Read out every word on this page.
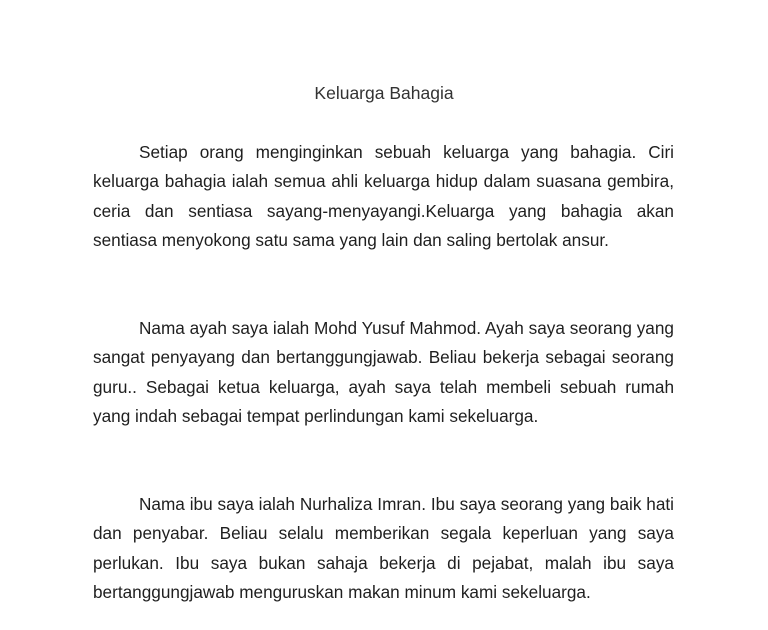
Keluarga Bahagia

Setiap orang menginginkan sebuah keluarga yang bahagia. Ciri keluarga bahagia ialah semua ahli keluarga hidup dalam suasana gembira, ceria dan sentiasa sayang-menyayangi.Keluarga yang bahagia akan sentiasa menyokong satu sama yang lain dan saling bertolak ansur.

Nama ayah saya ialah Mohd Yusuf Mahmod. Ayah saya seorang yang sangat penyayang dan bertanggungjawab. Beliau bekerja sebagai seorang guru.. Sebagai ketua keluarga, ayah saya telah membeli sebuah rumah yang indah sebagai tempat perlindungan kami sekeluarga.

Nama ibu saya ialah Nurhaliza Imran. Ibu saya seorang yang baik hati dan penyabar. Beliau selalu memberikan segala keperluan yang saya perlukan. Ibu saya bukan sahaja bekerja di pejabat, malah ibu saya bertanggungjawab menguruskan makan minum kami sekeluarga.
